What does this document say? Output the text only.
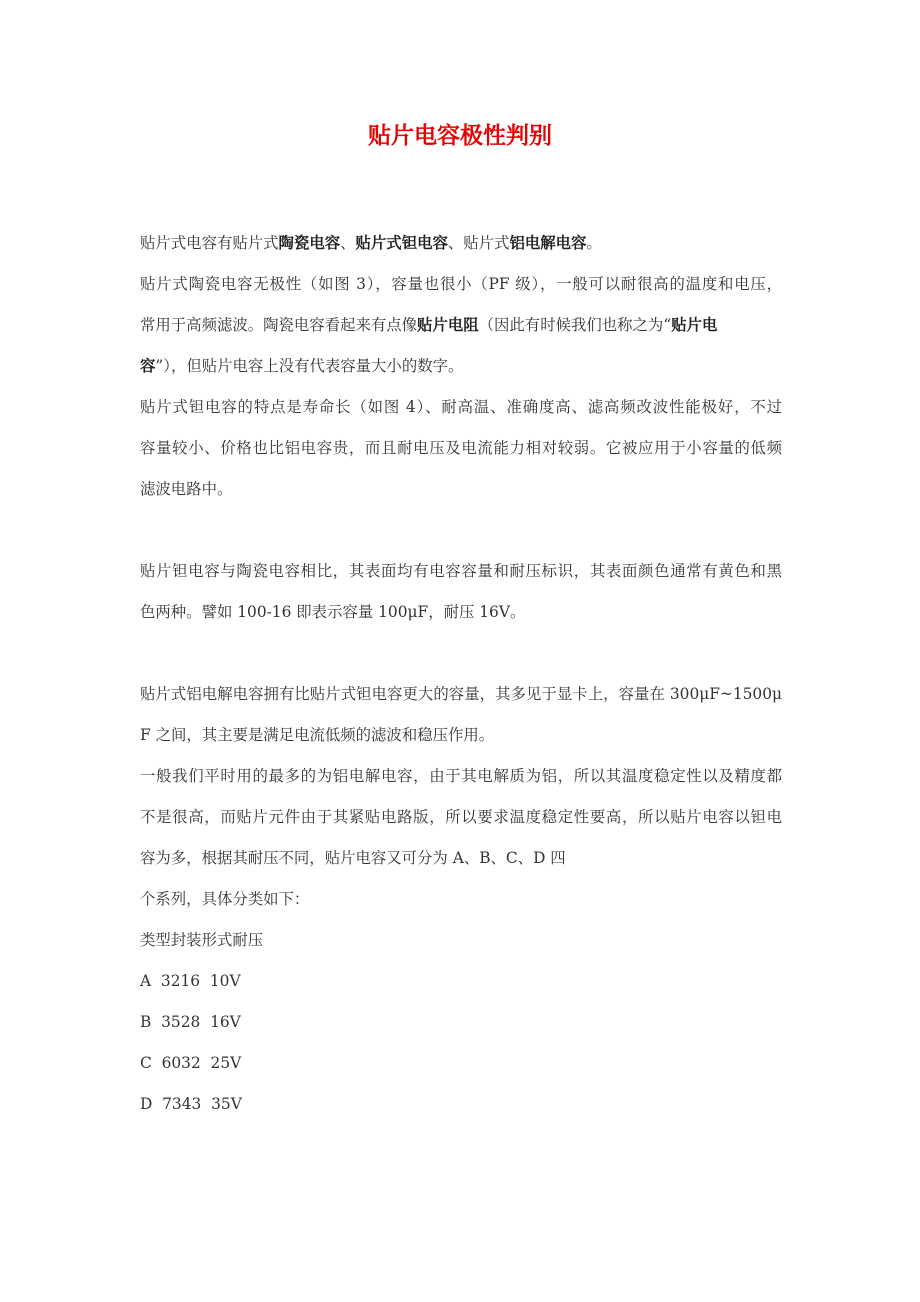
贴片电容极性判别

贴片式电容有贴片式陶瓷电容、贴片式钽电容、贴片式铝电解电容。

贴片式陶瓷电容无极性（如图 3），容量也很小（PF 级），一般可以耐很高的温度和电压，

常用于高频滤波。陶瓷电容看起来有点像贴片电阻（因此有时候我们也称之为“贴片电

容”），但贴片电容上没有代表容量大小的数字。

贴片式钽电容的特点是寿命长（如图 4）、耐高温、准确度高、滤高频改波性能极好，不过

容量较小、价格也比铝电容贵，而且耐电压及电流能力相对较弱。它被应用于小容量的低频

滤波电路中。

贴片钽电容与陶瓷电容相比，其表面均有电容容量和耐压标识，其表面颜色通常有黄色和黑

色两种。譬如 100-16 即表示容量 100μF，耐压 16V。

贴片式铝电解电容拥有比贴片式钽电容更大的容量，其多见于显卡上，容量在 300μF~1500μ

F 之间，其主要是满足电流低频的滤波和稳压作用。

一般我们平时用的最多的为铝电解电容，由于其电解质为铝，所以其温度稳定性以及精度都

不是很高，而贴片元件由于其紧贴电路版，所以要求温度稳定性要高，所以贴片电容以钽电

容为多，根据其耐压不同，贴片电容又可分为 A、B、C、D 四

个系列，具体分类如下：

类型封装形式耐压

A 3216 10V

B 3528 16V

C 6032 25V

D 7343 35V
